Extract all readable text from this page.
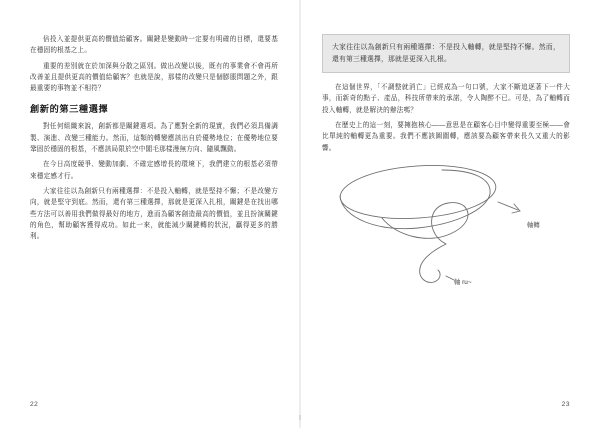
倍投入並提供更高的價值給顧客。關鍵是變動時一定要有明確的目標，還要基在穩固的根基之上。

重要的差別就在於加深與分散之區別。做出改變以後，既有的事業會不會再所改善並且提供更高的價值給顧客？也就是說，那樣的改變只是個膨脹問題之外，跟最重要的事物並不相符？

創新的第三種選擇

對任何組織來說，創新都是關鍵選項。為了應對全新的現實，我們必須具備調製、演進、改變三種能力。然而，這類的轉變應該出自於優勢地位；在優勢地位要鞏固於穩固的根基，不應該局限於空中閣毛那樣漫無方向、隨風飄動。

在今日高度競爭、變動加劇、不確定感增長的環境下，我們建立的根基必須帶來穩定感才行。

大家往往以為創新只有兩種選擇：不是投入軸轉，就是堅持不懈；不是改變方向，就是堅守到底。然而，還有第三種選擇，那就是更深入扎根，關鍵是在找出哪些方法可以善用我們做得最好的地方，進而為顧客創造最高的價值，並且扮演關鍵的角色，幫助顧客獲得成功。如此一來，就能減少關鍵轉的狀況，贏得更多的勝利。

22

大家往往以為創新只有兩種選擇：不是投入軸轉，就是堅持不懈。然而，還有第三種選擇，那就是更深入扎根。

在這個世界，「不調整就消亡」已經成為一句口號，大家不斷追逐著下一件大事，而新奇的點子、產品，科技所帶來的承諾，令人陶醉不已。可是，為了軸轉而投入軸轉，就是解決的辦法嗎？

在歷史上的這一刻，要擁抱核心——意思是在顧客心目中變得重要至極——會比單純的軸轉更為重要。我們不應該圖圍轉，應該要為顧客帶來長久又重大的影響。

軸轉
軸 ru~
23
